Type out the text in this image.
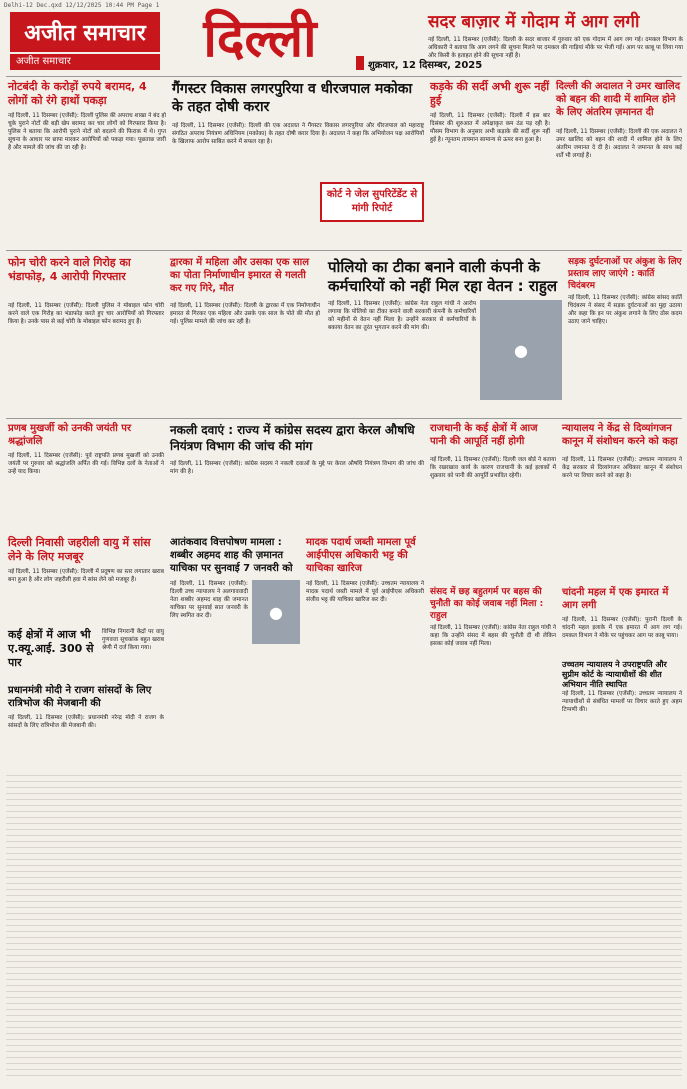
Delhi-12 Dec.qxd 12/12/2025 10:44 PM Page 1
अजीत समाचार
अजीत समाचार	दिल्ली	शुक्रवार, 12 दिसम्बर, 2025
सदर बाज़ार में गोदाम में आग लगी
नई दिल्ली, 11 दिसम्बर (एजेंसी): दिल्ली के सदर बाजार में गुरुवार को एक गोदाम में आग लग गई। दमकल विभाग के अधिकारी ने बताया कि आग लगने की सूचना मिलने पर दमकल की गाड़ियां मौके पर भेजी गईं। आग पर काबू पा लिया गया और किसी के हताहत होने की सूचना नहीं है।
नोटबंदी के करोड़ों रुपये बरामद, 4 लोगों को रंगे हाथों पकड़ा
नई दिल्ली, 11 दिसम्बर (एजेंसी): दिल्ली पुलिस की अपराध शाखा ने बंद हो चुके पुराने नोटों की बड़ी खेप बरामद कर चार लोगों को गिरफ्तार किया है। पुलिस ने बताया कि आरोपी पुराने नोटों को बदलने की फिराक में थे। गुप्त सूचना के आधार पर छापा मारकर आरोपियों को पकड़ा गया। पूछताछ जारी है और मामले की जांच की जा रही है।
गैंगस्टर विकास लगरपुरिया व धीरजपाल मकोका के तहत दोषी करार
नई दिल्ली, 11 दिसम्बर (एजेंसी): दिल्ली की एक अदालत ने गैंगस्टर विकास लगरपुरिया और धीरजपाल को महाराष्ट्र संगठित अपराध नियंत्रण अधिनियम (मकोका) के तहत दोषी करार दिया है। अदालत ने कहा कि अभियोजन पक्ष आरोपियों के खिलाफ आरोप साबित करने में सफल रहा है।
कोर्ट ने जेल सुपरिटेंडेंट से मांगी रिपोर्ट
कड़के की सर्दी अभी शुरू नहीं हुई
नई दिल्ली, 11 दिसम्बर (एजेंसी): दिल्ली में इस बार दिसंबर की शुरुआत में अपेक्षाकृत कम ठंड पड़ रही है। मौसम विभाग के अनुसार अभी कड़ाके की सर्दी शुरू नहीं हुई है। न्यूनतम तापमान सामान्य से ऊपर बना हुआ है।
दिल्ली की अदालत ने उमर खालिद को बहन की शादी में शामिल होने के लिए अंतरिम ज़मानत दी
नई दिल्ली, 11 दिसम्बर (एजेंसी): दिल्ली की एक अदालत ने उमर खालिद को बहन की शादी में शामिल होने के लिए अंतरिम जमानत दे दी है। अदालत ने जमानत के साथ कई शर्तें भी लगाई हैं।
फोन चोरी करने वाले गिरोह का भंडाफोड़, 4 आरोपी गिरफ्तार
नई दिल्ली, 11 दिसम्बर (एजेंसी): दिल्ली पुलिस ने मोबाइल फोन चोरी करने वाले एक गिरोह का भंडाफोड़ करते हुए चार आरोपियों को गिरफ्तार किया है। उनके पास से कई चोरी के मोबाइल फोन बरामद हुए हैं।
द्वारका में महिला और उसका एक साल का पोता निर्माणाधीन इमारत से गलती कर गए गिरे, मौत
नई दिल्ली, 11 दिसम्बर (एजेंसी): दिल्ली के द्वारका में एक निर्माणाधीन इमारत से गिरकर एक महिला और उसके एक साल के पोते की मौत हो गई। पुलिस मामले की जांच कर रही है।
पोलियो का टीका बनाने वाली कंपनी के कर्मचारियों को नहीं मिल रहा वेतन : राहुल
नई दिल्ली, 11 दिसम्बर (एजेंसी): कांग्रेस नेता राहुल गांधी ने आरोप लगाया कि पोलियो का टीका बनाने वाली सरकारी कंपनी के कर्मचारियों को महीनों से वेतन नहीं मिला है। उन्होंने सरकार से कर्मचारियों के बकाया वेतन का तुरंत भुगतान करने की मांग की।
●
सड़क दुर्घटनाओं पर अंकुश के लिए प्रस्ताव लाए जाएंगे : कार्ति चिदंबरम
नई दिल्ली, 11 दिसम्बर (एजेंसी): कांग्रेस सांसद कार्ति चिदंबरम ने संसद में सड़क दुर्घटनाओं का मुद्दा उठाया और कहा कि इन पर अंकुश लगाने के लिए ठोस कदम उठाए जाने चाहिए।
प्रणब मुखर्जी को उनकी जयंती पर श्रद्धांजलि
नई दिल्ली, 11 दिसम्बर (एजेंसी): पूर्व राष्ट्रपति प्रणब मुखर्जी को उनकी जयंती पर गुरुवार को श्रद्धांजलि अर्पित की गई। विभिन्न दलों के नेताओं ने उन्हें याद किया।
नकली दवाएं : राज्य में कांग्रेस सदस्य द्वारा केरल औषधि नियंत्रण विभाग की जांच की मांग
नई दिल्ली, 11 दिसम्बर (एजेंसी): कांग्रेस सदस्य ने नकली दवाओं के मुद्दे पर केरल औषधि नियंत्रण विभाग की जांच की मांग की है।
राजधानी के कई क्षेत्रों में आज पानी की आपूर्ति नहीं होगी
नई दिल्ली, 11 दिसम्बर (एजेंसी): दिल्ली जल बोर्ड ने बताया कि रखरखाव कार्य के कारण राजधानी के कई इलाकों में शुक्रवार को पानी की आपूर्ति प्रभावित रहेगी।
न्यायालय ने केंद्र से दिव्यांगजन कानून में संशोधन करने को कहा
नई दिल्ली, 11 दिसम्बर (एजेंसी): उच्चतम न्यायालय ने केंद्र सरकार से दिव्यांगजन अधिकार कानून में संशोधन करने पर विचार करने को कहा है।
दिल्ली निवासी जहरीली वायु में सांस लेने के लिए मजबूर
नई दिल्ली, 11 दिसम्बर (एजेंसी): दिल्ली में प्रदूषण का स्तर लगातार खराब बना हुआ है और लोग जहरीली हवा में सांस लेने को मजबूर हैं।
कई क्षेत्रों में आज भी ए.क्यू.आई. 300 से पार
विभिन्न निगरानी केंद्रों पर वायु गुणवत्ता सूचकांक बहुत खराब श्रेणी में दर्ज किया गया।
आतंकवाद वित्तपोषण मामला : शब्बीर अहमद शाह की ज़मानत याचिका पर सुनवाई 7 जनवरी को
नई दिल्ली, 11 दिसम्बर (एजेंसी): दिल्ली उच्च न्यायालय ने अलगाववादी नेता शब्बीर अहमद शाह की जमानत याचिका पर सुनवाई सात जनवरी के लिए स्थगित कर दी।	●
मादक पदार्थ जब्ती मामला पूर्व आईपीएस अधिकारी भट्ट की याचिका खारिज
नई दिल्ली, 11 दिसम्बर (एजेंसी): उच्चतम न्यायालय ने मादक पदार्थ जब्ती मामले में पूर्व आईपीएस अधिकारी संजीव भट्ट की याचिका खारिज कर दी।
संसद में छह बहुतगर्म पर बहस की चुनौती का कोई जवाब नहीं मिला : राहुल
नई दिल्ली, 11 दिसम्बर (एजेंसी): कांग्रेस नेता राहुल गांधी ने कहा कि उन्होंने संसद में बहस की चुनौती दी थी लेकिन इसका कोई जवाब नहीं मिला।
चांदनी महल में एक इमारत में आग लगी
नई दिल्ली, 11 दिसम्बर (एजेंसी): पुरानी दिल्ली के चांदनी महल इलाके में एक इमारत में आग लग गई। दमकल विभाग ने मौके पर पहुंचकर आग पर काबू पाया।
उच्चतम न्यायालय ने उपराष्ट्रपति और सुप्रीम कोर्ट के न्यायाधीशों की शीत अभियान नीति स्थापित
नई दिल्ली, 11 दिसम्बर (एजेंसी): उच्चतम न्यायालय ने न्यायाधीशों से संबंधित मामलों पर विचार करते हुए अहम टिप्पणी की।
प्रधानमंत्री मोदी ने राजग सांसदों के लिए रात्रिभोज की मेजबानी की
नई दिल्ली, 11 दिसम्बर (एजेंसी): प्रधानमंत्री नरेन्द्र मोदी ने राजग के सांसदों के लिए रात्रिभोज की मेजबानी की।
